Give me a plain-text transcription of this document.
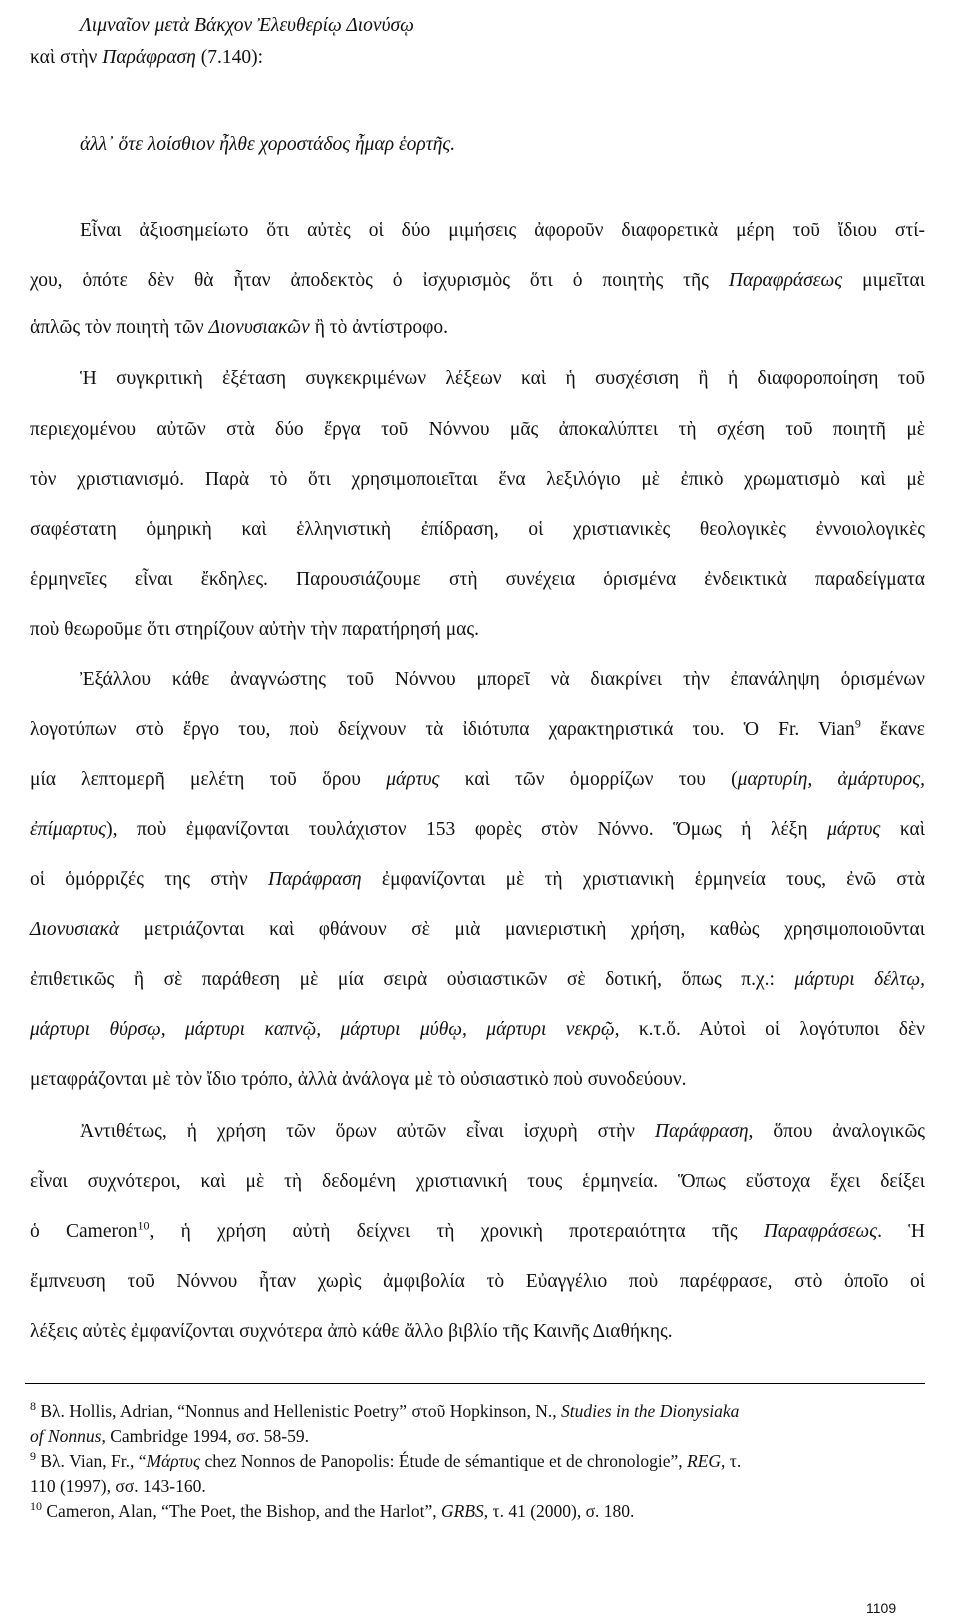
Λιμναῖον μετὰ Βάκχον Ἐλευθερίῳ Διονύσῳ
καὶ στὴν Παράφραση (7.140):
ἀλλ᾽ ὅτε λοίσθιον ἦλθε χοροστάδος ἦμαρ ἑορτῆς.
Εἶναι ἀξιοσημείωτο ὅτι αὐτὲς οἱ δύο μιμήσεις ἀφοροῦν διαφορετικὰ μέρη τοῦ ἴδιου στί-
χου, ὁπότε δὲν θὰ ἦταν ἀποδεκτὸς ὁ ἰσχυρισμὸς ὅτι ὁ ποιητὴς τῆς Παραφράσεως μιμεῖται
ἁπλῶς τὸν ποιητὴ τῶν Διονυσιακῶν ἢ τὸ ἀντίστροφο.
Ἡ συγκριτικὴ ἐξέταση συγκεκριμένων λέξεων καὶ ἡ συσχέσιση ἢ ἡ διαφοροποίηση τοῦ
περιεχομένου αὐτῶν στὰ δύο ἔργα τοῦ Νόννου μᾶς ἀποκαλύπτει τὴ σχέση τοῦ ποιητῆ μὲ
τὸν χριστιανισμό. Παρὰ τὸ ὅτι χρησιμοποιεῖται ἕνα λεξιλόγιο μὲ ἐπικὸ χρωματισμὸ καὶ μὲ
σαφέστατη ὁμηρικὴ καὶ ἑλληνιστικὴ ἐπίδραση, οἱ χριστιανικὲς θεολογικὲς ἐννοιολογικὲς
ἑρμηνεῖες εἶναι ἔκδηλες. Παρουσιάζουμε στὴ συνέχεια ὁρισμένα ἐνδεικτικὰ παραδείγματα
ποὺ θεωροῦμε ὅτι στηρίζουν αὐτὴν τὴν παρατήρησή μας.
Ἐξάλλου κάθε ἀναγνώστης τοῦ Νόννου μπορεῖ νὰ διακρίνει τὴν ἐπανάληψη ὁρισμένων
λογοτύπων στὸ ἔργο του, ποὺ δείχνουν τὰ ἰδιότυπα χαρακτηριστικά του. Ὁ Fr. Vian$^9$ ἔκανε
μία λεπτομερῆ μελέτη τοῦ ὅρου μάρτυς καὶ τῶν ὁμορρίζων του (μαρτυρίη, ἀμάρτυρος,
ἐπίμαρτυς), ποὺ ἐμφανίζονται τουλάχιστον 153 φορὲς στὸν Νόννο. Ὅμως ἡ λέξη μάρτυς καὶ
οἱ ὁμόρριζές της στὴν Παράφραση ἐμφανίζονται μὲ τὴ χριστιανικὴ ἑρμηνεία τους, ἐνῶ στὰ
Διονυσιακὰ μετριάζονται καὶ φθάνουν σὲ μιὰ μανιεριστικὴ χρήση, καθὼς χρησιμοποιοῦνται
ἐπιθετικῶς ἢ σὲ παράθεση μὲ μία σειρὰ οὐσιαστικῶν σὲ δοτική, ὅπως π.χ.: μάρτυρι δέλτῳ,
μάρτυρι θύρσῳ, μάρτυρι καπνῷ, μάρτυρι μύθῳ, μάρτυρι νεκρῷ, κ.τ.ὅ. Αὐτοὶ οἱ λογότυποι δὲν
μεταφράζονται μὲ τὸν ἴδιο τρόπο, ἀλλὰ ἀνάλογα μὲ τὸ οὐσιαστικὸ ποὺ συνοδεύουν.
Ἀντιθέτως, ἡ χρήση τῶν ὅρων αὐτῶν εἶναι ἰσχυρὴ στὴν Παράφραση, ὅπου ἀναλογικῶς
εἶναι συχνότεροι, καὶ μὲ τὴ δεδομένη χριστιανική τους ἑρμηνεία. Ὅπως εὔστοχα ἔχει δείξει
ὁ Cameron$^{10}$, ἡ χρήση αὐτὴ δείχνει τὴ χρονικὴ προτεραιότητα τῆς Παραφράσεως. Ἡ
ἔμπνευση τοῦ Νόννου ἦταν χωρὶς ἀμφιβολία τὸ Εὐαγγέλιο ποὺ παρέφρασε, στὸ ὁποῖο οἱ
λέξεις αὐτὲς ἐμφανίζονται συχνότερα ἀπὸ κάθε ἄλλο βιβλίο τῆς Καινῆς Διαθήκης.
$^8$ Βλ. Hollis, Adrian, “Nonnus and Hellenistic Poetry” στοῦ Hopkinson, N., Studies in the Dionysiaka
of Nonnus, Cambridge 1994, σσ. 58-59.
$^9$ Βλ. Vian, Fr., “Μάρτυς chez Nonnos de Panopolis: Étude de sémantique et de chronologie”, REG, τ.
110 (1997), σσ. 143-160.
$^{10}$ Cameron, Alan, “The Poet, the Bishop, and the Harlot”, GRBS, τ. 41 (2000), σ. 180.
1109
